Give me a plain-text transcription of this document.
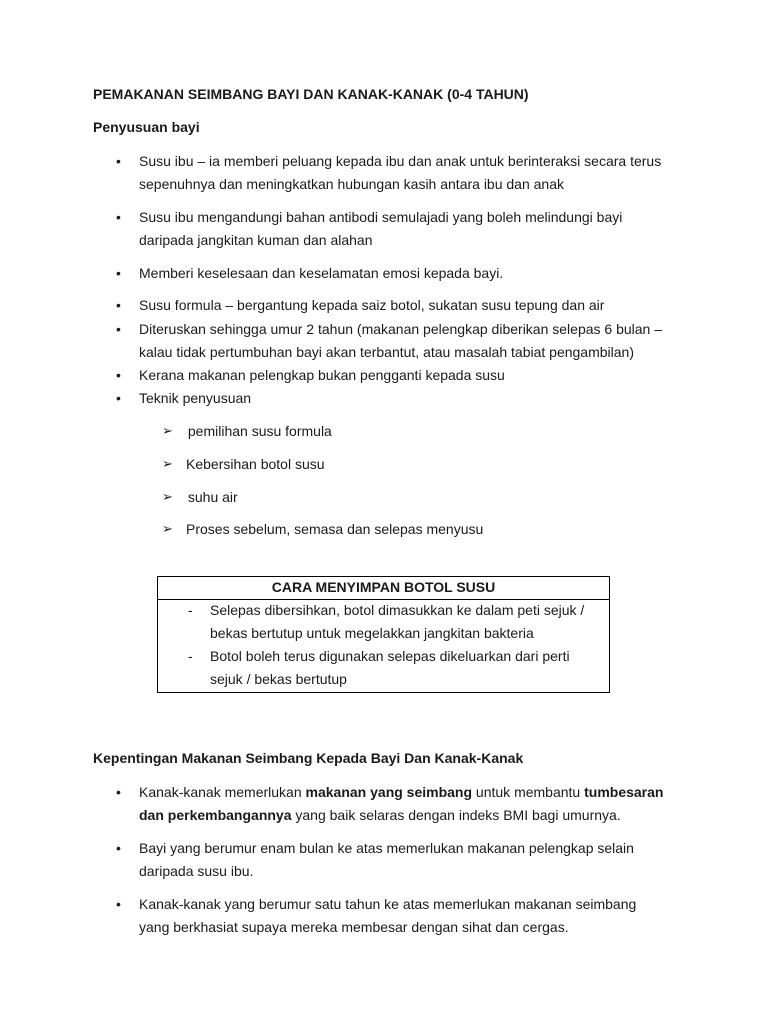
PEMAKANAN SEIMBANG BAYI DAN KANAK-KANAK (0-4 TAHUN)
Penyusuan bayi
• Susu ibu – ia memberi peluang kepada ibu dan anak untuk berinteraksi secara terus
sepenuhnya dan meningkatkan hubungan kasih antara ibu dan anak
• Susu ibu mengandungi bahan antibodi semulajadi yang boleh melindungi bayi
daripada jangkitan kuman dan alahan
• Memberi keselesaan dan keselamatan emosi kepada bayi.
• Susu formula – bergantung kepada saiz botol, sukatan susu tepung dan air
• Diteruskan sehingga umur 2 tahun (makanan pelengkap diberikan selepas 6 bulan –
kalau tidak pertumbuhan bayi akan terbantut, atau masalah tabiat pengambilan)
• Kerana makanan pelengkap bukan pengganti kepada susu
• Teknik penyusuan
➢ pemilihan susu formula
➢ Kebersihan botol susu
➢ suhu air
➢ Proses sebelum, semasa dan selepas menyusu
CARA MENYIMPAN BOTOL SUSU
- Selepas dibersihkan, botol dimasukkan ke dalam peti sejuk /
bekas bertutup untuk megelakkan jangkitan bakteria
- Botol boleh terus digunakan selepas dikeluarkan dari perti
sejuk / bekas bertutup
Kepentingan Makanan Seimbang Kepada Bayi Dan Kanak-Kanak
• Kanak-kanak memerlukan makanan yang seimbang untuk membantu tumbesaran
dan perkembangannya yang baik selaras dengan indeks BMI bagi umurnya.
• Bayi yang berumur enam bulan ke atas memerlukan makanan pelengkap selain
daripada susu ibu.
• Kanak-kanak yang berumur satu tahun ke atas memerlukan makanan seimbang
yang berkhasiat supaya mereka membesar dengan sihat dan cergas.
